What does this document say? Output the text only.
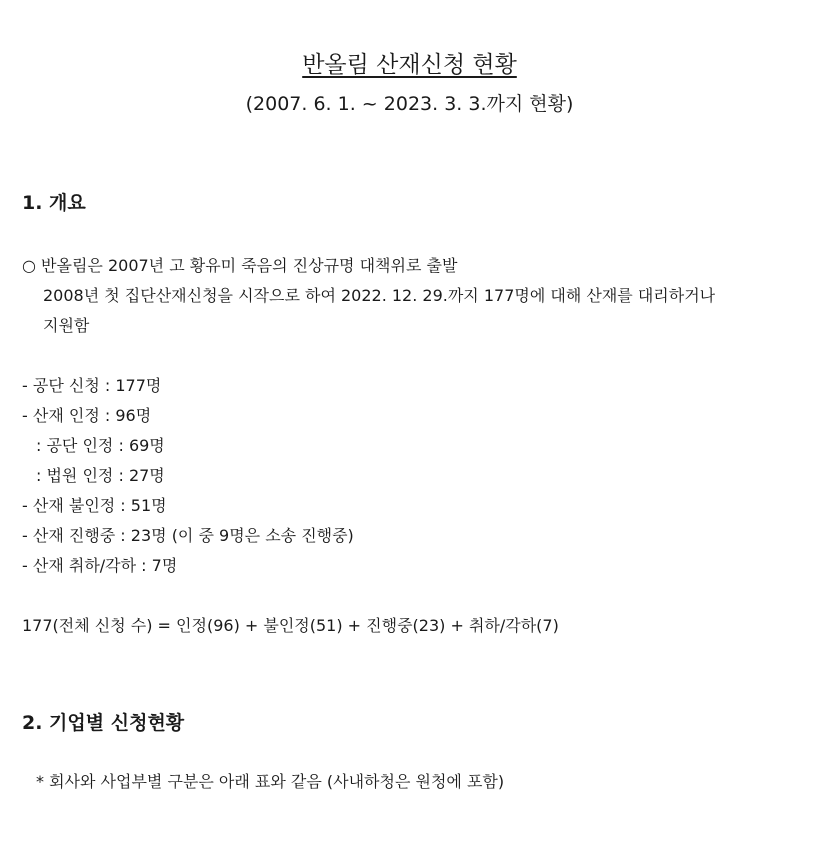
반올림 산재신청 현황
(2007. 6. 1. ~ 2023. 3. 3.까지 현황)
1. 개요
○ 반올림은 2007년 고 황유미 죽음의 진상규명 대책위로 출발
2008년 첫 집단산재신청을 시작으로 하여 2022. 12. 29.까지 177명에 대해 산재를 대리하거나
지원함
- 공단 신청 : 177명
- 산재 인정 : 96명
: 공단 인정 : 69명
: 법원 인정 : 27명
- 산재 불인정 : 51명
- 산재 진행중 : 23명 (이 중 9명은 소송 진행중)
- 산재 취하/각하 : 7명
177(전체 신청 수) = 인정(96) + 불인정(51) + 진행중(23) + 취하/각하(7)
2. 기업별 신청현황
* 회사와 사업부별 구분은 아래 표와 같음 (사내하청은 원청에 포함)
